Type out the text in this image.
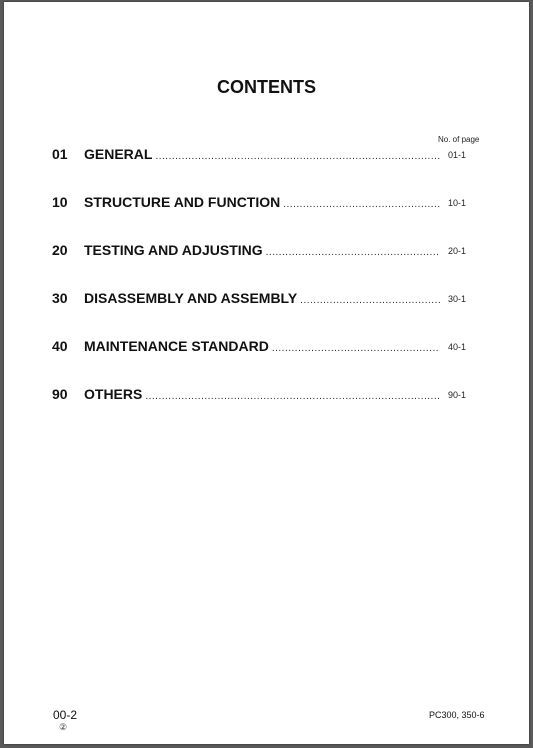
CONTENTS
No. of page
01 GENERAL .....	01-1
10 STRUCTURE AND FUNCTION .....	10-1
20 TESTING AND ADJUSTING .....	20-1
30 DISASSEMBLY AND ASSEMBLY .....	30-1
40 MAINTENANCE STANDARD .....	40-1
90 OTHERS .....	90-1
00-2
②
PC300, 350-6
